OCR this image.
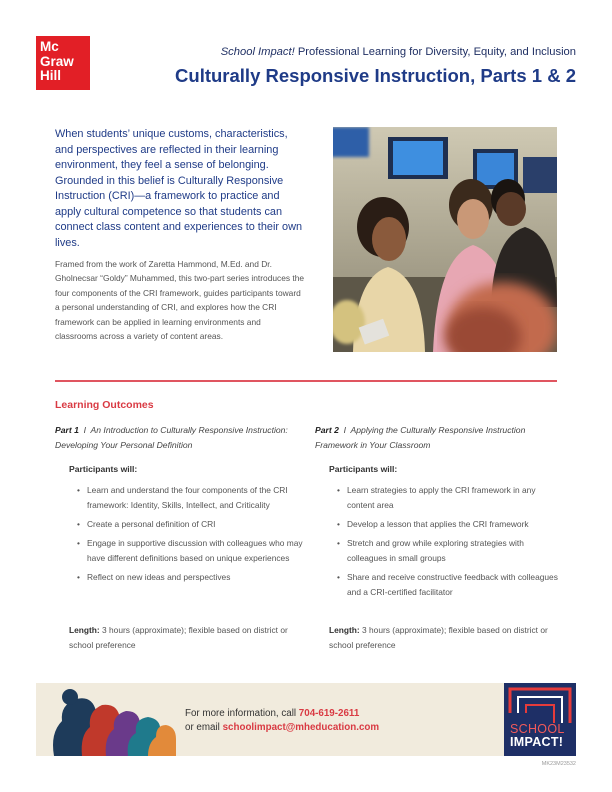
Mc
Graw
Hill
School Impact! Professional Learning for Diversity, Equity, and Inclusion
Culturally Responsive Instruction, Parts 1 & 2

When students’ unique customs, characteristics, and perspectives are reflected in their learning environment, they feel a sense of belonging. Grounded in this belief is Culturally Responsive Instruction (CRI)—a framework to practice and apply cultural competence so that students can connect class content and experiences to their own lives.

Framed from the work of Zaretta Hammond, M.Ed. and Dr. Gholnecsar “Goldy” Muhammed, this two-part series introduces the four components of the CRI framework, guides participants toward a personal understanding of CRI, and explores how the CRI framework can be applied in learning environments and classrooms across a variety of content areas.

Learning Outcomes
Part 1 I An Introduction to Culturally Responsive Instruction: Developing Your Personal Definition
Participants will:
• Learn and understand the four components of the CRI framework: Identity, Skills, Intellect, and Criticality
• Create a personal definition of CRI
• Engage in supportive discussion with colleagues who may have different definitions based on unique experiences
• Reflect on new ideas and perspectives
Length: 3 hours (approximate); flexible based on district or school preference
Part 2 I Applying the Culturally Responsive Instruction Framework in Your Classroom
Participants will:
• Learn strategies to apply the CRI framework in any content area
• Develop a lesson that applies the CRI framework
• Stretch and grow while exploring strategies with colleagues in small groups
• Share and receive constructive feedback with colleagues and a CRI-certified facilitator
Length: 3 hours (approximate); flexible based on district or school preference
For more information, call 704-619-2611
or email schoolimpact@mheducation.com	SCHOOL
IMPACT!
MK23M23532
